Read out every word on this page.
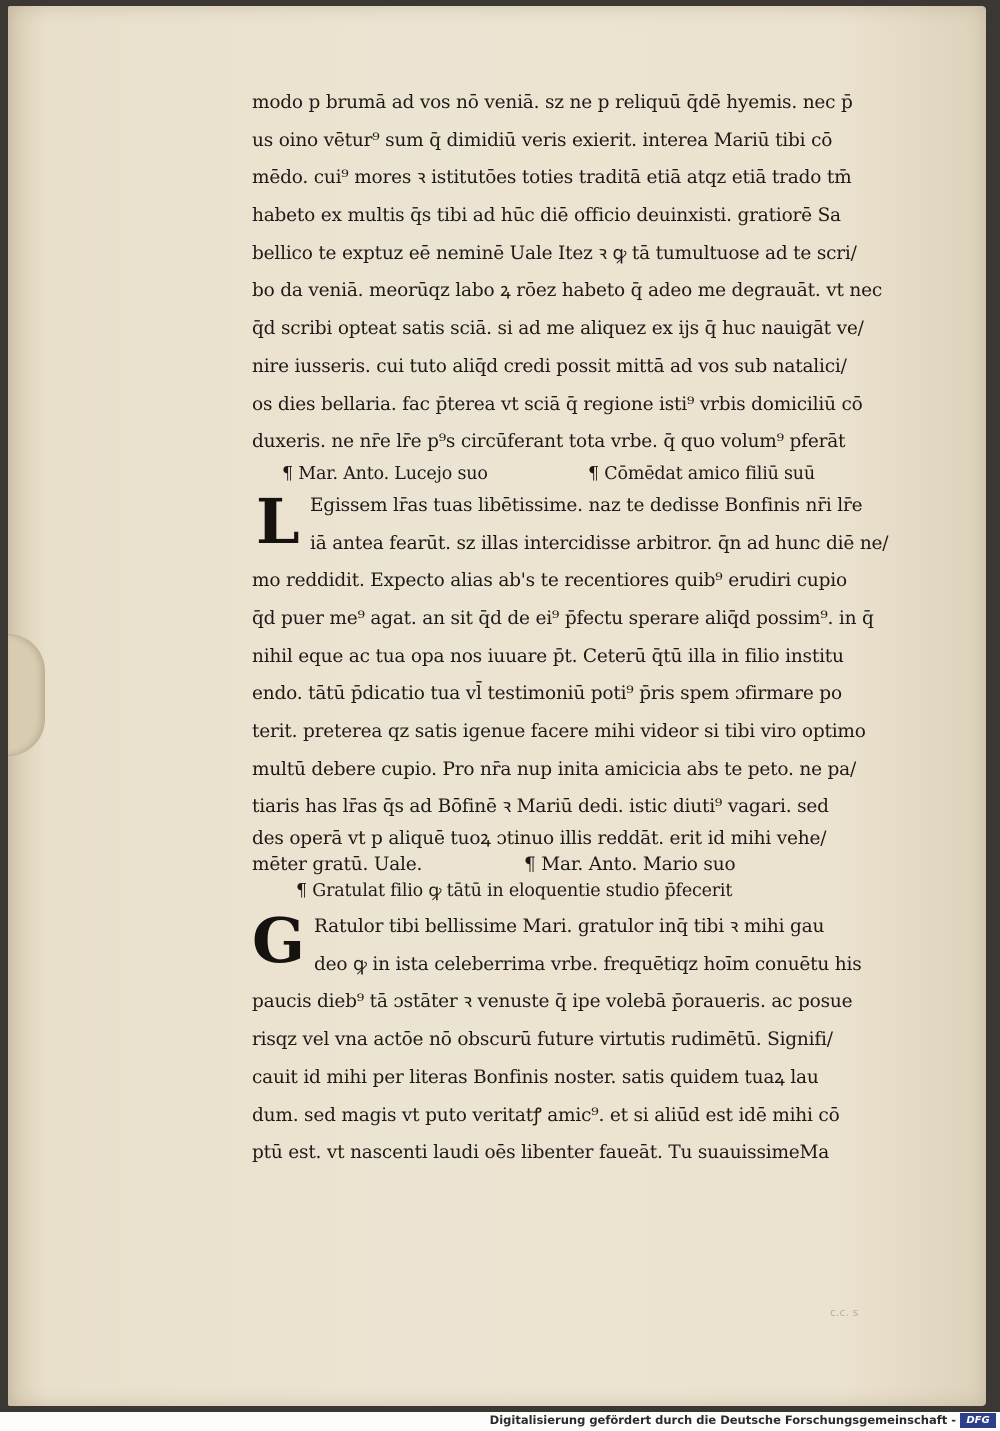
c.c. s
modo p brumā ad vos nō veniā. sz ne p reliquū q̄dē hyemis. nec p̄
us oino vētur⁹ sum q̄ dimidiū veris exierit. interea Mariū tibi cō
mēdo. cui⁹ mores ꝛ istitutōes toties traditā etiā atqz etiā trado tm̄
habeto ex multis q̄s tibi ad hūc diē officio deuinxisti. gratiorē Sa
bellico te exptuz eē neminē Uale Itez ꝛ ꝙ tā tumultuose ad te scri/
bo da veniā. meorūqz labo ꝝ rōez habeto q̄ adeo me degrauāt. vt nec
q̄d scribi opteat satis sciā. si ad me aliquez ex ijs q̄ huc nauigāt ve/
nire iusseris. cui tuto aliq̄d credi possit mittā ad vos sub natalici/
os dies bellaria. fac p̄terea vt sciā q̄ regione isti⁹ vrbis domiciliū cō
duxeris. ne nr̄e lr̄e p⁹s circūferant tota vrbe. q̄ quo volum⁹ pferāt
¶ Mar. Anto. Lucejo suo	¶ Cōmēdat amico filiū suū
L Egissem lr̄as tuas libētissime. naz te dedisse Bonfinis nr̄i lr̄e
iā antea fearūt. sz illas intercidisse arbitror. q̄n ad hunc diē ne/
mo reddidit. Expecto alias ab's te recentiores quib⁹ erudiri cupio
q̄d puer me⁹ agat. an sit q̄d de ei⁹ p̄fectu sperare aliq̄d possim⁹. in q̄
nihil eque ac tua opa nos iuuare p̄t. Ceterū q̄tū illa in filio institu
endo. tātū p̄dicatio tua vl̄ testimoniū poti⁹ p̄ris spem ɔfirmare po
terit. preterea qz satis igenue facere mihi videor si tibi viro optimo
multū debere cupio. Pro nr̄a nup inita amicicia abs te peto. ne pa/
tiaris has lr̄as q̄s ad Bōfinē ꝛ Mariū dedi. istic diuti⁹ vagari. sed
des operā vt p aliquē tuoꝝ ɔtinuo illis reddāt. erit id mihi vehe/
mēter gratū. Uale.	¶ Mar. Anto. Mario suo
¶ Gratulat filio ꝙ tātū in eloquentie studio p̄fecerit
G Ratulor tibi bellissime Mari. gratulor inq̄ tibi ꝛ mihi gau
deo ꝙ in ista celeberrima vrbe. frequētiqz hoīm conuētu his
paucis dieb⁹ tā ɔstāter ꝛ venuste q̄ ipe volebā p̄oraueris. ac posue
risqz vel vna actōe nō obscurū future virtutis rudimētū. Signifi/
cauit id mihi per literas Bonfinis noster. satis quidem tuaꝝ lau
dum. sed magis vt puto veritatꝭ amic⁹. et si aliūd est idē mihi cō
ptū est. vt nascenti laudi oēs libenter faueāt. Tu suauissimeMa
Digitalisierung gefördert durch die Deutsche Forschungsgemeinschaft -	DFG
